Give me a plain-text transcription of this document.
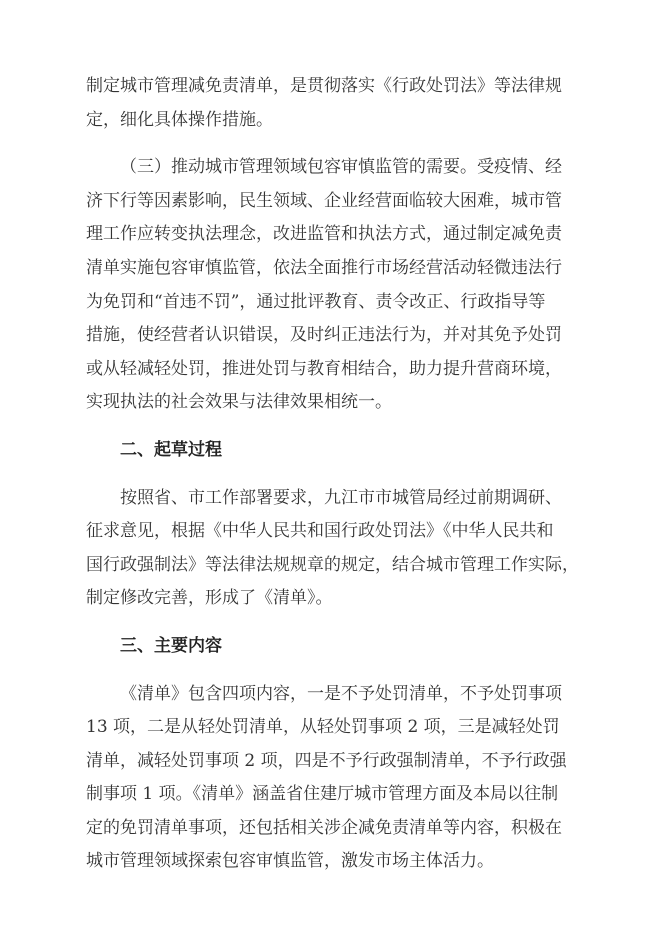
制定城市管理减免责清单，是贯彻落实《行政处罚法》等法律规
定，细化具体操作措施。
（三）推动城市管理领域包容审慎监管的需要。受疫情、经
济下行等因素影响，民生领域、企业经营面临较大困难，城市管
理工作应转变执法理念，改进监管和执法方式，通过制定减免责
清单实施包容审慎监管，依法全面推行市场经营活动轻微违法行
为免罚和“首违不罚”，通过批评教育、责令改正、行政指导等
措施，使经营者认识错误，及时纠正违法行为，并对其免予处罚
或从轻减轻处罚，推进处罚与教育相结合，助力提升营商环境，
实现执法的社会效果与法律效果相统一。
二、起草过程
按照省、市工作部署要求，九江市市城管局经过前期调研、
征求意见，根据《中华人民共和国行政处罚法》《中华人民共和
国行政强制法》等法律法规规章的规定，结合城市管理工作实际，
制定修改完善，形成了《清单》。
三、主要内容
《清单》包含四项内容，一是不予处罚清单，不予处罚事项
13 项，二是从轻处罚清单，从轻处罚事项 2 项，三是减轻处罚
清单，减轻处罚事项 2 项，四是不予行政强制清单，不予行政强
制事项 1 项。《清单》涵盖省住建厅城市管理方面及本局以往制
定的免罚清单事项，还包括相关涉企减免责清单等内容，积极在
城市管理领域探索包容审慎监管，激发市场主体活力。
